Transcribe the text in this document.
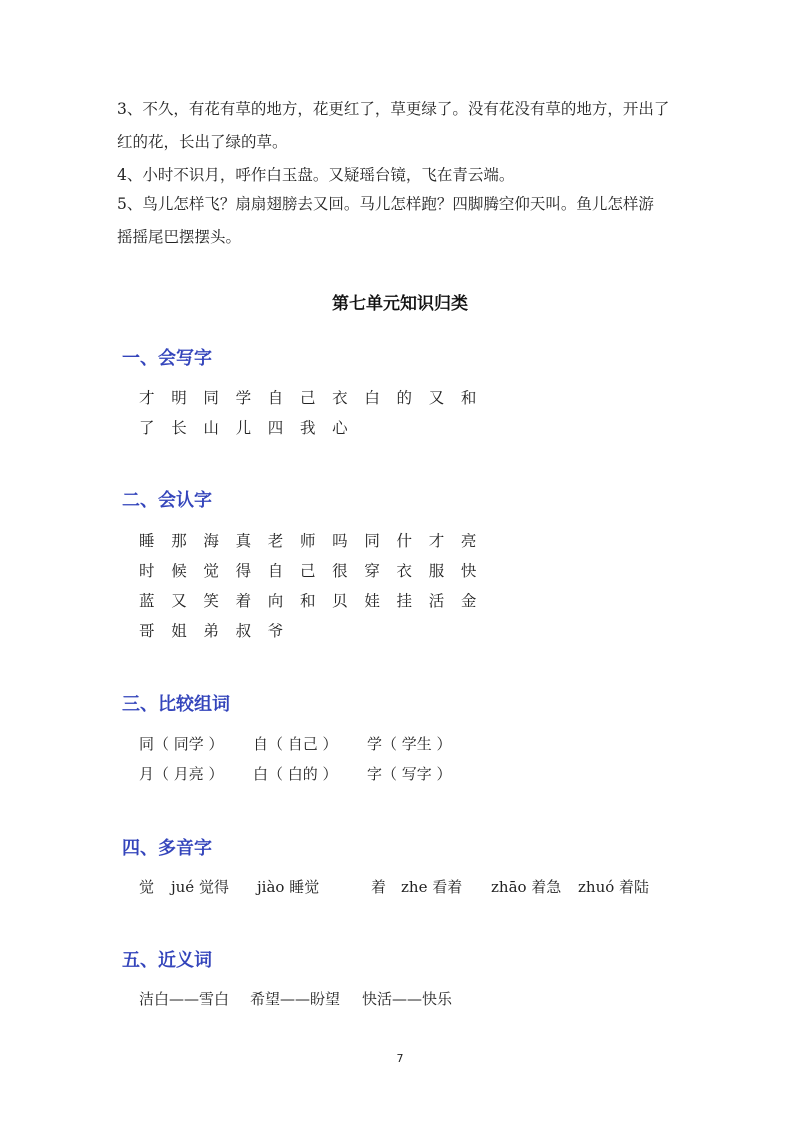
3、不久，有花有草的地方，花更红了，草更绿了。没有花没有草的地方，开出了

红的花，长出了绿的草。

4、小时不识月，呼作白玉盘。又疑瑶台镜，飞在青云端。

5、鸟儿怎样飞？扇扇翅膀去又回。马儿怎样跑？四脚腾空仰天叫。鱼儿怎样游

摇摇尾巴摆摆头。

第七单元知识归类
一、会写字
才 明 同 学 自 己 衣 白 的 又 和
了 长 山 儿 四 我 心
二、会认字
睡 那 海 真 老 师 吗 同 什 才 亮
时 候 觉 得 自 己 很 穿 衣 服 快
蓝 又 笑 着 向 和 贝 娃 挂 活 金
哥 姐 弟 叔 爷
三、比较组词
同（ 同学 ） 自（ 自己 ） 学（ 学生 ）
月（ 月亮 ） 白（ 白的 ） 字（ 写字 ）
四、多音字
觉 jué 觉得 jiào 睡觉	着 zhe 看着 zhāo 着急 zhuó 着陆
五、近义词
洁白——雪白 希望——盼望 快活——快乐
7
